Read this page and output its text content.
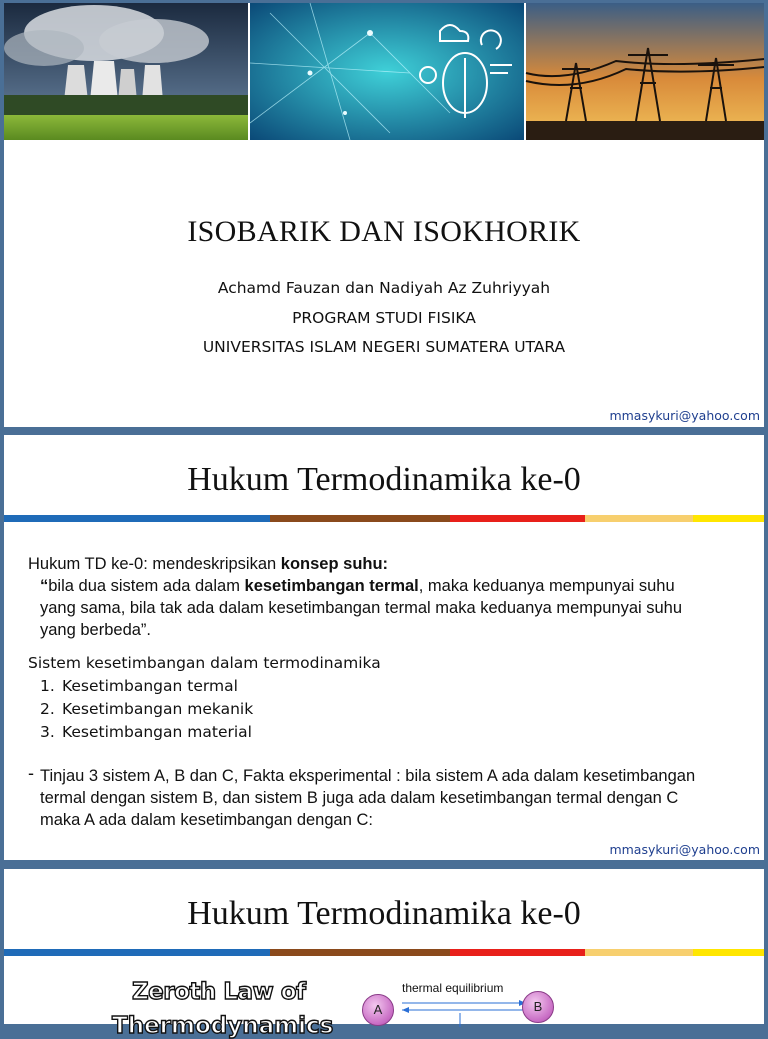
ISOBARIK DAN ISOKHORIK
Achamd Fauzan dan Nadiyah Az Zuhriyyah
PROGRAM STUDI FISIKA
UNIVERSITAS ISLAM NEGERI SUMATERA UTARA
mmasykuri@yahoo.com
Hukum Termodinamika ke-0
Hukum TD ke-0: mendeskripsikan konsep suhu:
“bila dua sistem ada dalam kesetimbangan termal, maka keduanya mempunyai suhu
yang sama, bila tak ada dalam kesetimbangan termal maka keduanya mempunyai suhu
yang berbeda”.
Sistem kesetimbangan dalam termodinamika
1. Kesetimbangan termal
2. Kesetimbangan mekanik
3. Kesetimbangan material
- Tinjau 3 sistem A, B dan C, Fakta eksperimental : bila sistem A ada dalam kesetimbangan
termal dengan sistem B, dan sistem B juga ada dalam kesetimbangan termal dengan C
maka A ada dalam kesetimbangan dengan C:
mmasykuri@yahoo.com
Hukum Termodinamika ke-0
Zeroth Law of
Thermodynamics
thermal equilibrium
A	B
